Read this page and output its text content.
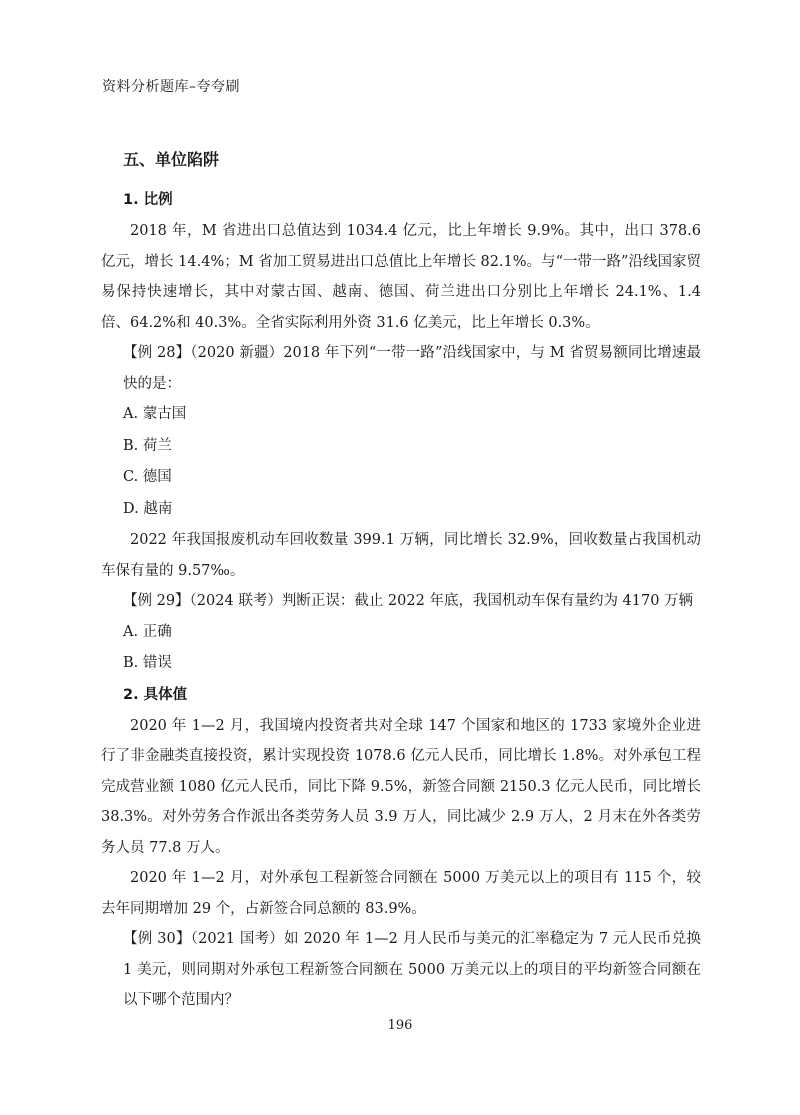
资料分析题库–夸夸刷
五、单位陷阱
1. 比例

2018 年，M 省进出口总值达到 1034.4 亿元，比上年增长 9.9%。其中，出口 378.6 亿元，增长 14.4%；M 省加工贸易进出口总值比上年增长 82.1%。与“一带一路”沿线国家贸易保持快速增长，其中对蒙古国、越南、德国、荷兰进出口分别比上年增长 24.1%、1.4 倍、64.2%和 40.3%。全省实际利用外资 31.6 亿美元，比上年增长 0.3%。

【例 28】（2020 新疆）2018 年下列“一带一路”沿线国家中，与 M 省贸易额同比增速最快的是：

A. 蒙古国

B. 荷兰

C. 德国

D. 越南

2022 年我国报废机动车回收数量 399.1 万辆，同比增长 32.9%，回收数量占我国机动车保有量的 9.57‰。

【例 29】（2024 联考）判断正误：截止 2022 年底，我国机动车保有量约为 4170 万辆

A. 正确

B. 错误

2. 具体值

2020 年 1—2 月，我国境内投资者共对全球 147 个国家和地区的 1733 家境外企业进行了非金融类直接投资，累计实现投资 1078.6 亿元人民币，同比增长 1.8%。对外承包工程完成营业额 1080 亿元人民币，同比下降 9.5%，新签合同额 2150.3 亿元人民币，同比增长 38.3%。对外劳务合作派出各类劳务人员 3.9 万人，同比减少 2.9 万人，2 月末在外各类劳务人员 77.8 万人。

2020 年 1—2 月，对外承包工程新签合同额在 5000 万美元以上的项目有 115 个，较去年同期增加 29 个，占新签合同总额的 83.9%。

【例 30】（2021 国考）如 2020 年 1—2 月人民币与美元的汇率稳定为 7 元人民币兑换 1 美元，则同期对外承包工程新签合同额在 5000 万美元以上的项目的平均新签合同额在以下哪个范围内？

196
